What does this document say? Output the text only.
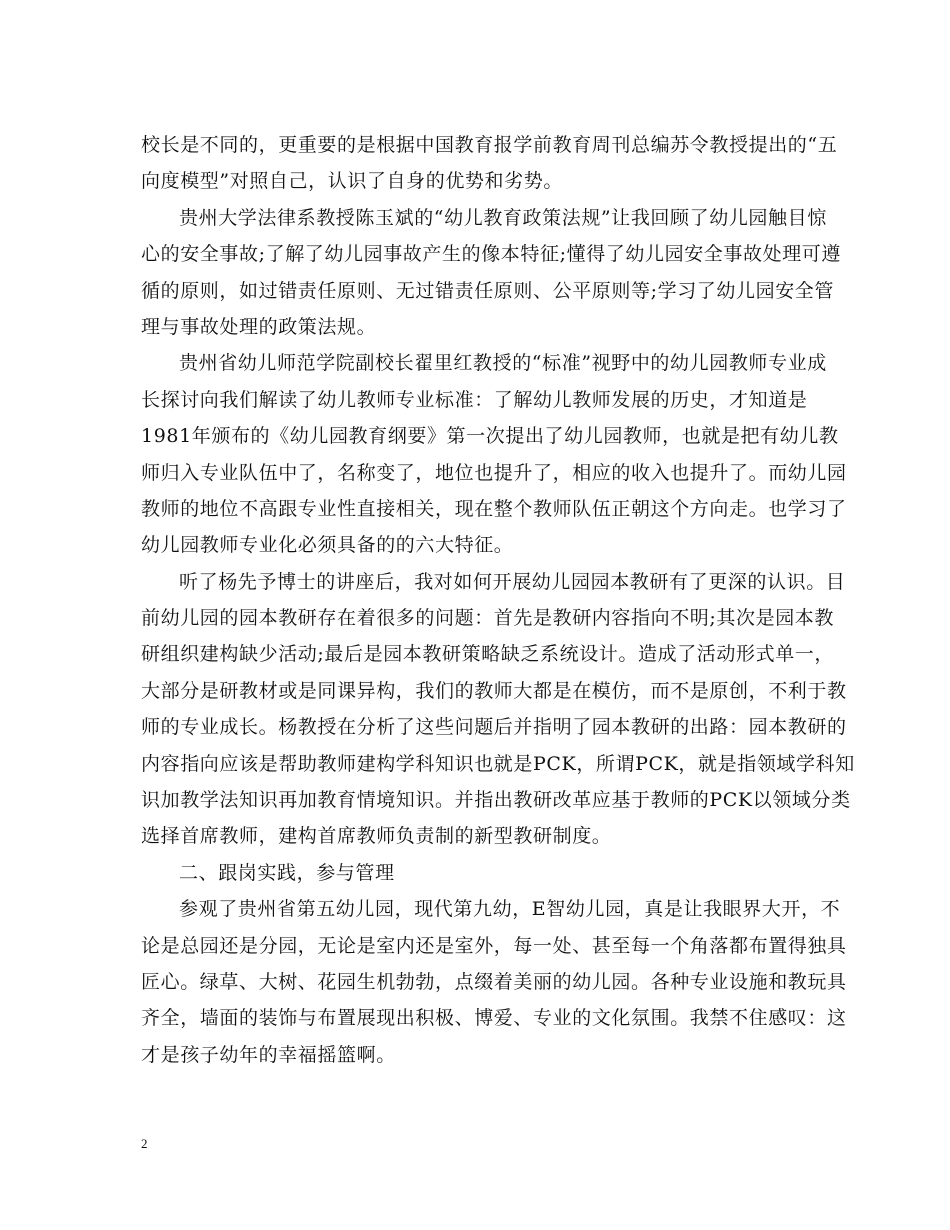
校长是不同的，更重要的是根据中国教育报学前教育周刊总编苏令教授提出的“五
向度模型”对照自己，认识了自身的优势和劣势。
贵州大学法律系教授陈玉斌的“幼儿教育政策法规”让我回顾了幼儿园触目惊
心的安全事故;了解了幼儿园事故产生的像本特征;懂得了幼儿园安全事故处理可遵
循的原则，如过错责任原则、无过错责任原则、公平原则等;学习了幼儿园安全管
理与事故处理的政策法规。
贵州省幼儿师范学院副校长翟里红教授的“标准”视野中的幼儿园教师专业成
长探讨向我们解读了幼儿教师专业标准：了解幼儿教师发展的历史，才知道是
1981年颁布的《幼儿园教育纲要》第一次提出了幼儿园教师，也就是把有幼儿教
师归入专业队伍中了，名称变了，地位也提升了，相应的收入也提升了。而幼儿园
教师的地位不高跟专业性直接相关，现在整个教师队伍正朝这个方向走。也学习了
幼儿园教师专业化必须具备的的六大特征。
听了杨先予博士的讲座后，我对如何开展幼儿园园本教研有了更深的认识。目
前幼儿园的园本教研存在着很多的问题：首先是教研内容指向不明;其次是园本教
研组织建构缺少活动;最后是园本教研策略缺乏系统设计。造成了活动形式单一，
大部分是研教材或是同课异构，我们的教师大都是在模仿，而不是原创，不利于教
师的专业成长。杨教授在分析了这些问题后并指明了园本教研的出路：园本教研的
内容指向应该是帮助教师建构学科知识也就是PCK，所谓PCK，就是指领域学科知
识加教学法知识再加教育情境知识。并指出教研改革应基于教师的PCK以领域分类
选择首席教师，建构首席教师负责制的新型教研制度。
二、跟岗实践，参与管理
参观了贵州省第五幼儿园，现代第九幼，E智幼儿园，真是让我眼界大开，不
论是总园还是分园，无论是室内还是室外，每一处、甚至每一个角落都布置得独具
匠心。绿草、大树、花园生机勃勃，点缀着美丽的幼儿园。各种专业设施和教玩具
齐全，墙面的装饰与布置展现出积极、博爱、专业的文化氛围。我禁不住感叹：这
才是孩子幼年的幸福摇篮啊。
2
